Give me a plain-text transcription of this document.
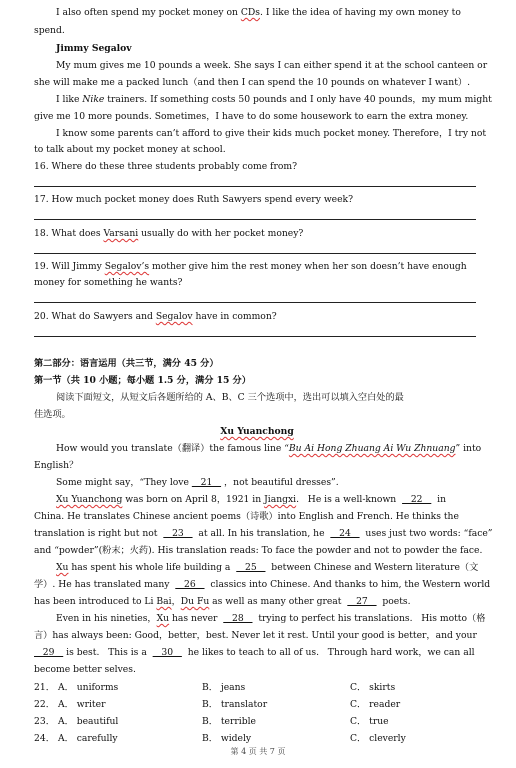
I also often spend my pocket money on CDs. I like the idea of having my own money to

spend.

Jimmy Segalov

My mum gives me 10 pounds a week. She says I can either spend it at the school canteen or

she will make me a packed lunch（and then I can spend the 10 pounds on whatever I want）.

I like Nike trainers. If something costs 50 pounds and I only have 40 pounds，my mum might

give me 10 more pounds. Sometimes，I have to do some housework to earn the extra money.

I know some parents can’t afford to give their kids much pocket money. Therefore，I try not

to talk about my pocket money at school.

16. Where do these three students probably come from?

17. How much pocket money does Ruth Sawyers spend every week?

18. What does Varsani usually do with her pocket money?

19. Will Jimmy Segalov’s mother give him the rest money when her son doesn’t have enough

money for something he wants?

20. What do Sawyers and Segalov have in common?

第二部分：语言运用（共三节，满分 45 分）

第一节（共 10 小题；每小题 1.5 分，满分 15 分）

阅读下面短文，从短文后各题所给的 A、B、C 三个选项中，选出可以填入空白处的最

佳选项。

Xu Yuanchong

How would you translate（翻译）the famous line “Bu Ai Hong Zhuang Ai Wu Zhnuang” into

English？

Some might say，“They love    21    ，not beautiful dresses”.

Xu Yuanchong was born on April 8，1921 in Jiangxi.   He is a well-known     22     in

China. He translates Chinese ancient poems（诗歌）into English and French. He thinks the

translation is right but not     23     at all. In his translation, he     24     uses just two words: “face”

and “powder”(粉末；火药). His translation reads: To face the powder and not to powder the face.

Xu has spent his whole life building a     25     between Chinese and Western literature（文

学）. He has translated many     26     classics into Chinese. And thanks to him, the Western world

has been introduced to Li Bai，Du Fu as well as many other great     27     poets.

Even in his nineties，Xu has never     28     trying to perfect his translations.   His motto（格

言）has always been: Good，better，best. Never let it rest. Until your good is better，and your

29    is best.   This is a     30     he likes to teach to all of us.   Through hard work，we can all

become better selves.

21． A． uniforms	B． jeans	C． skirts
22． A． writer	B． translator	C． reader
23． A． beautiful	B． terrible	C． true
24． A． carefully	B． widely	C． cleverly
第 4 页 共 7 页
